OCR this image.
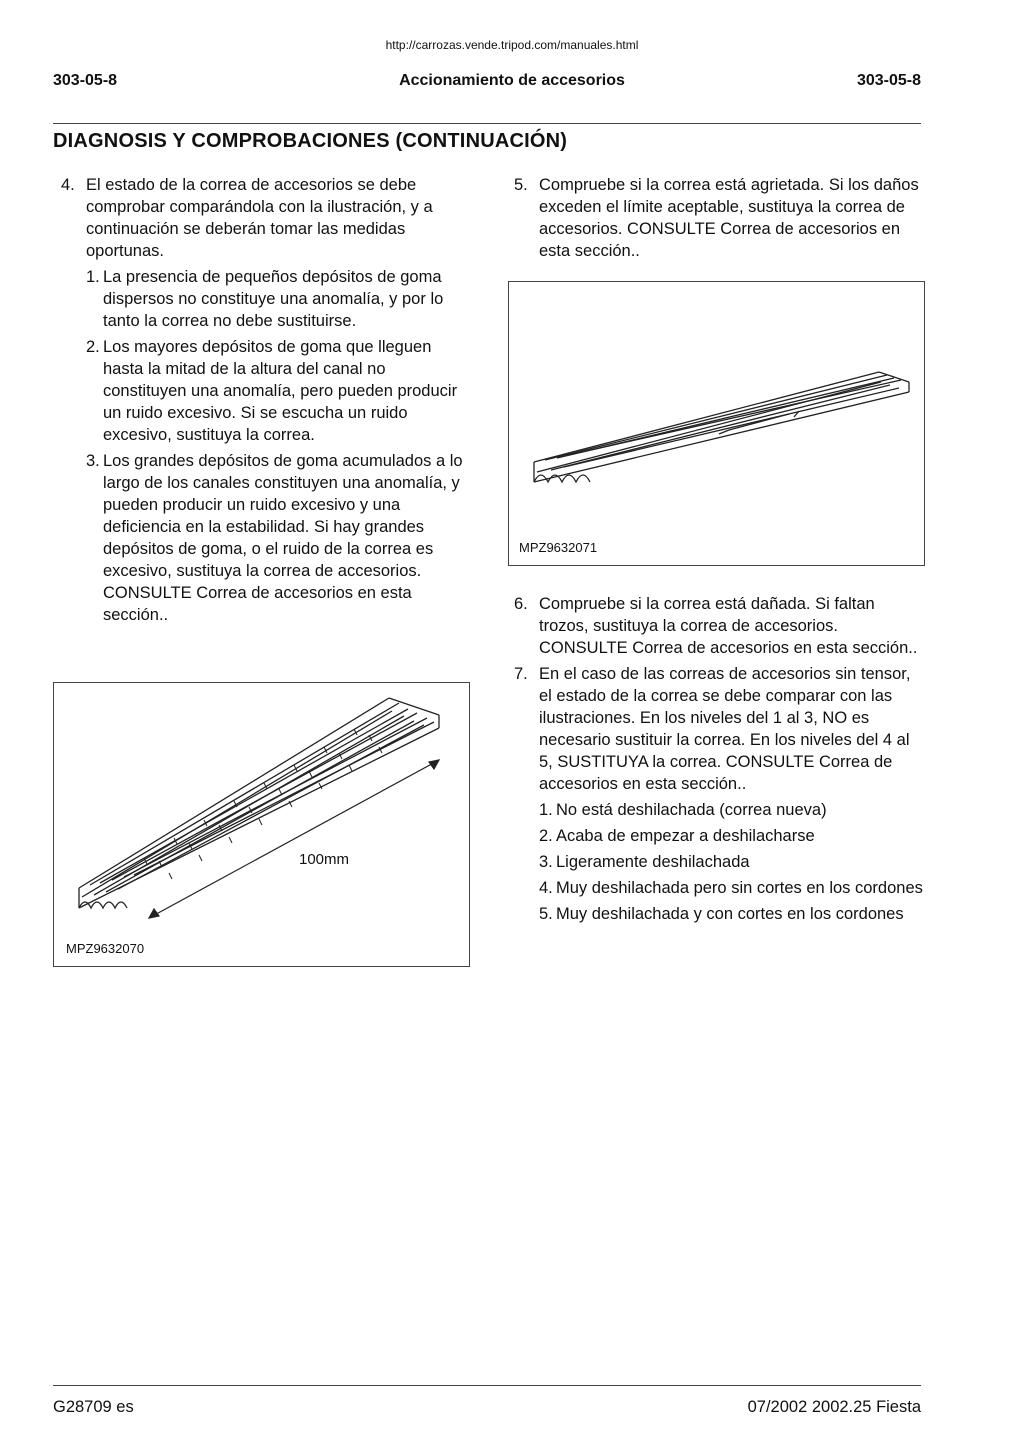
http://carrozas.vende.tripod.com/manuales.html
303-05-8	Accionamiento de accesorios	303-05-8
DIAGNOSIS Y COMPROBACIONES (CONTINUACIÓN)
4. El estado de la correa de accesorios se debe comprobar comparándola con la ilustración, y a continuación se deberán tomar las medidas oportunas.
1. La presencia de pequeños depósitos de goma dispersos no constituye una anomalía, y por lo tanto la correa no debe sustituirse.
2. Los mayores depósitos de goma que lleguen hasta la mitad de la altura del canal no constituyen una anomalía, pero pueden producir un ruido excesivo. Si se escucha un ruido excesivo, sustituya la correa.
3. Los grandes depósitos de goma acumulados a lo largo de los canales constituyen una anomalía, y pueden producir un ruido excesivo y una deficiencia en la estabilidad. Si hay grandes depósitos de goma, o el ruido de la correa es excesivo, sustituya la correa de accesorios. CONSULTE Correa de accesorios en esta sección..
100mm
MPZ9632070
5. Compruebe si la correa está agrietada. Si los daños exceden el límite aceptable, sustituya la correa de accesorios. CONSULTE Correa de accesorios en esta sección..
MPZ9632071
6. Compruebe si la correa está dañada. Si faltan trozos, sustituya la correa de accesorios. CONSULTE Correa de accesorios en esta sección..
7. En el caso de las correas de accesorios sin tensor, el estado de la correa se debe comparar con las ilustraciones. En los niveles del 1 al 3, NO es necesario sustituir la correa. En los niveles del 4 al 5, SUSTITUYA la correa. CONSULTE Correa de accesorios en esta sección..
1. No está deshilachada (correa nueva)
2. Acaba de empezar a deshilacharse
3. Ligeramente deshilachada
4. Muy deshilachada pero sin cortes en los cordones
5. Muy deshilachada y con cortes en los cordones
G28709 es	07/2002 2002.25 Fiesta
